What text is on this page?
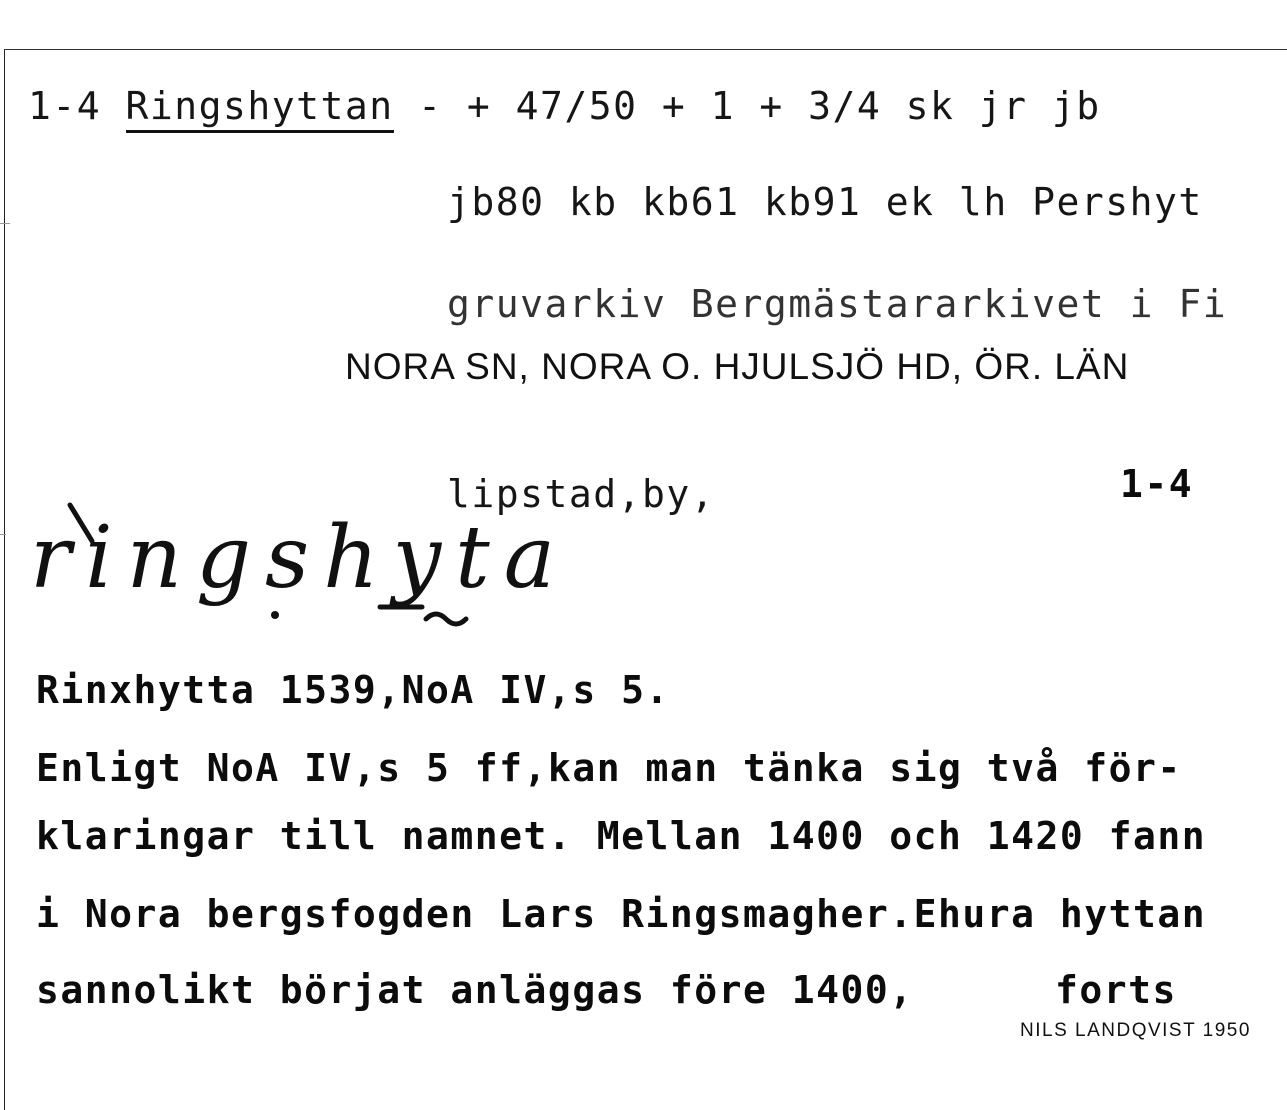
1-4 Ringshyttan - + 47/50 + 1 + 3/4 sk jr jb
jb80 kb kb61 kb91 ek lh Pershyt
gruvarkiv Bergmästararkivet i Fi
NORA SN, NORA O. HJULSJÖ HD, ÖR. LÄN
lipstad,by,	1-4
ringshyta
Rinxhytta 1539,NoA IV,s 5.
Enligt NoA IV,s 5 ff,kan man tänka sig två för-
klaringar till namnet. Mellan 1400 och 1420 fann
i Nora bergsfogden Lars Ringsmagher.Ehura hyttan
sannolikt börjat anläggas före 1400,	forts
NILS LANDQVIST 1950
